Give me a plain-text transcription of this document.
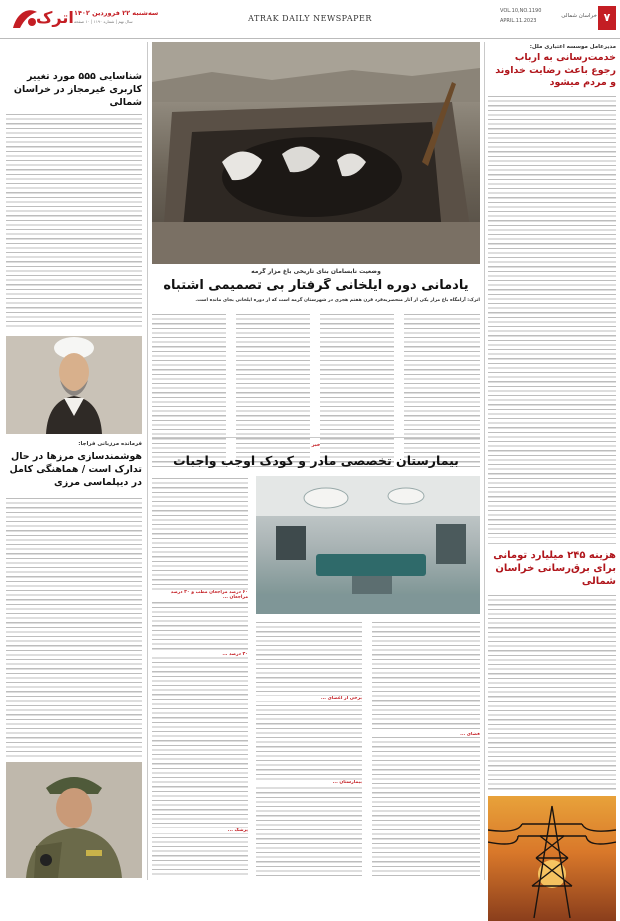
اترک سه‌شنبه ۲۲ فروردین ۱۴۰۲
سال نهم | شماره ۱۱۹۰ | ۱۰ صفحه	ATRAK DAILY NEWSPAPER
VOL.10,NO.1190
APRIL.11.2023
خراسان شمالی ۷
مدیرعامل موسسه اعتباری ملل:
خدمت‌رسانی به ارباب رجوع باعث رضایت خداوند و مردم میشود
هزینه ۲۴۵ میلیارد تومانی برای برق‌رسانی خراسان شمالی
وضعیت نابسامان بنای تاریخی باغ مزار گرمه
یادمانی دوره ایلخانی گرفتار بی تصمیمی اشتباه
اترک: آرامگاه باغ مزار یکی از آثار منحصربه‌فرد قرن هفتم هجری در شهرستان گرمه است که از دوره ایلخانی بجای مانده است.
خبر
بیمارستان تخصصی مادر و کودک اوجب واجبات
۶۰ درصد مراجعان مطب و ۳۰ درصد مراجعان ...
۳۰ درصد ...
پزشک ...
برخی از اعضای ...
بیمارستان ...
فضای ...
شناسایی ۵۵۵ مورد تغییر کاربری غیرمجاز در خراسان شمالی
فرمانده مرزبانی فراجا:
هوشمندسازی مرزها در حال تدارک است / هماهنگی کامل در دیپلماسی مرزی
